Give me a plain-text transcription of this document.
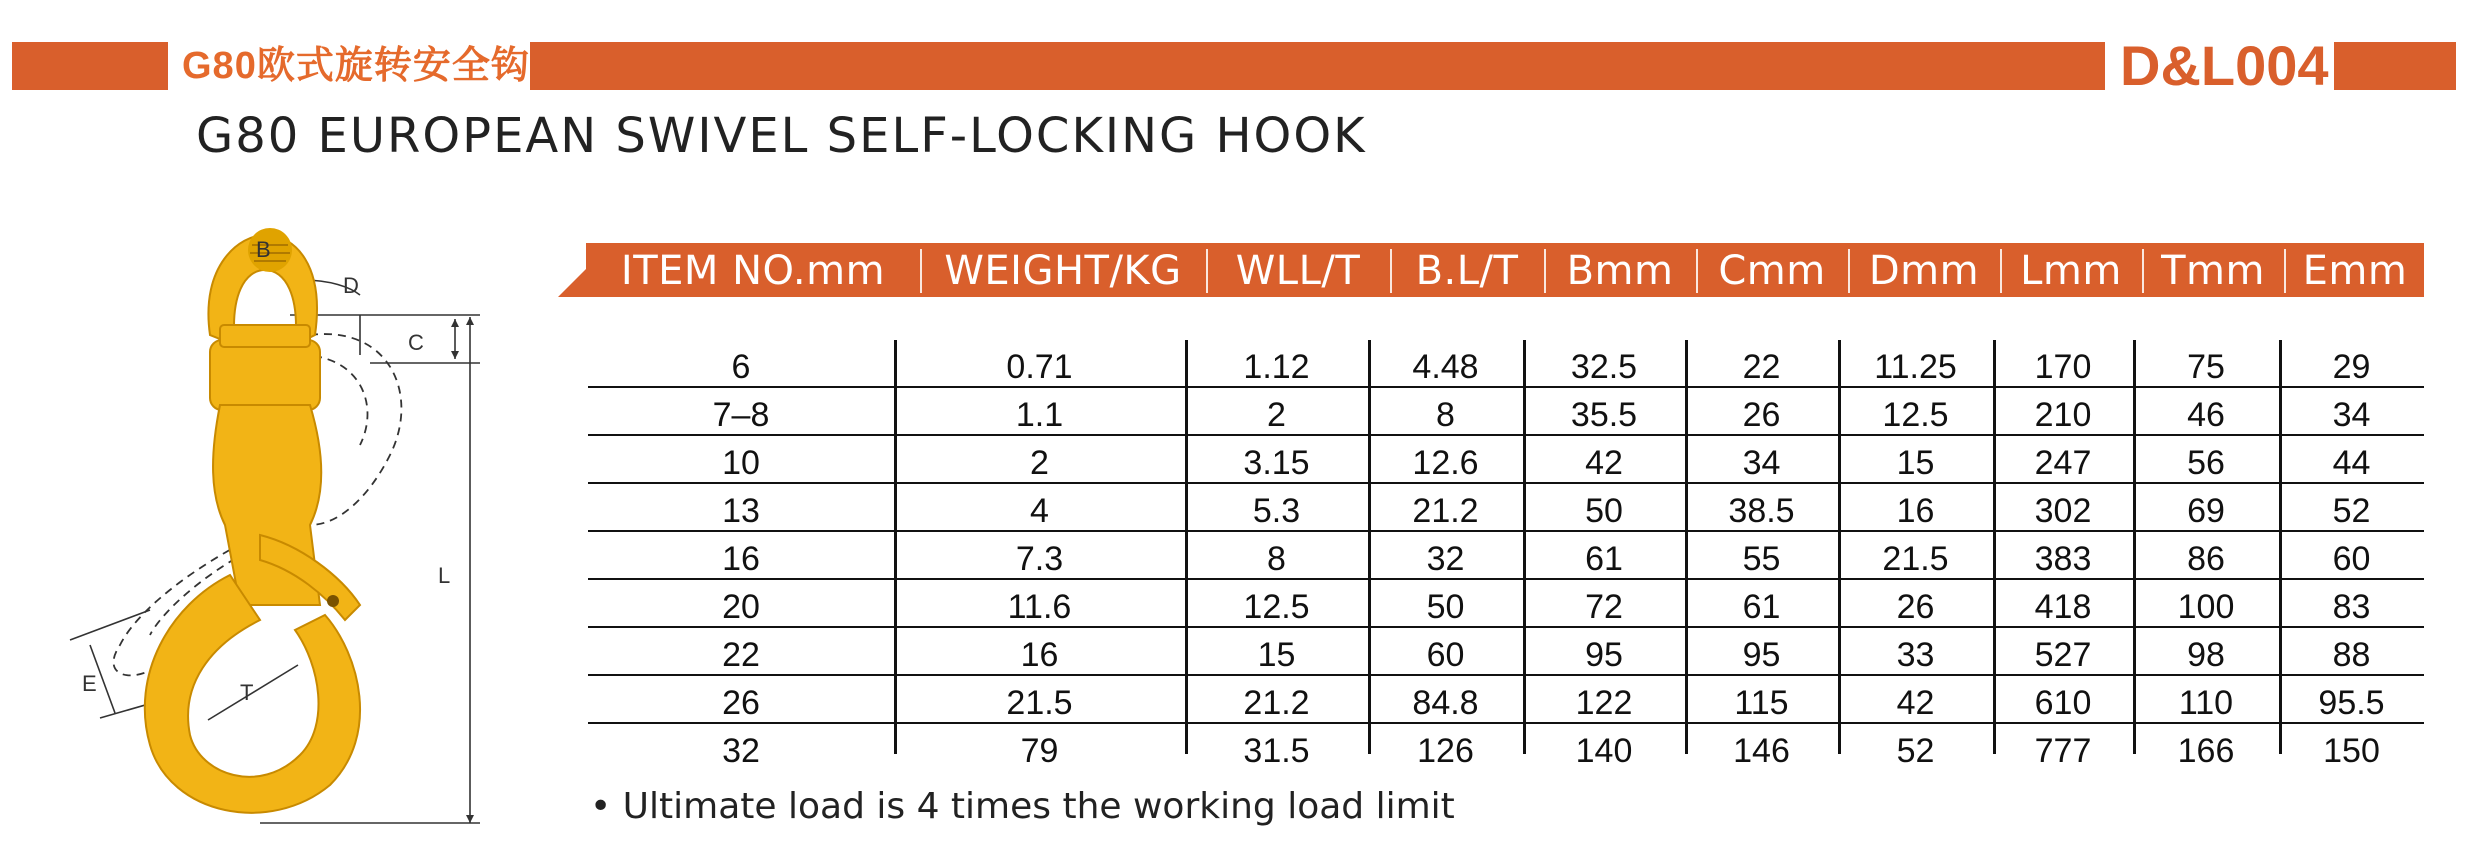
G80欧式旋转安全钩	D&L004
G80 EUROPEAN SWIVEL SELF-LOCKING HOOK
B
D
C
L
E	T
ITEM NO.mm	WEIGHT/KG	WLL/T	B.L/T	Bmm	Cmm	Dmm	Lmm Tmm Emm
6	0.71	1.12	4.48	32.5	22	11.25	170	75	29
7–8	1.1	2	8	35.5	26	12.5	210	46	34
10	2	3.15	12.6	42	34	15	247	56	44
13	4	5.3	21.2	50	38.5	16	302	69	52
16	7.3	8	32	61	55	21.5	383	86	60
20	11.6	12.5	50	72	61	26	418	100	83
22	16	15	60	95	95	33	527	98	88
26	21.5	21.2	84.8	122	115	42	610	110	95.5
32	79	31.5	126	140	146	52	777	166	150
• Ultimate load is 4 times the working load limit
